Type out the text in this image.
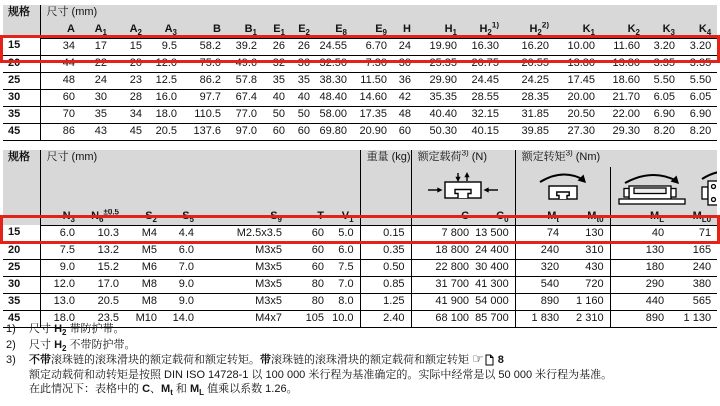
规格	尺寸 (mm)																	
	A	$A_1$	$A_2$	$A_3$	B	$B_1$	$E_1$	$E_2$	$E_8$	$E_9$	H	$H_1$	$H_2^{1)}$	$H_2^{2)}$	$K_1$	$K_2$	$K_3$	$K_4$
15	34	17	15	9.5	58.2	39.2	26	26	24.55	6.70	24	19.90	16.30	16.20	10.00	11.60	3.20	3.20
20	44	22	20	12.0	75.0	49.6	32	36	32.50	7.30	30	25.35	20.75	20.55	13.80	13.80	3.35	3.35
25	48	24	23	12.5	86.2	57.8	35	35	38.30	11.50	36	29.90	24.45	24.25	17.45	18.60	5.50	5.50
30	60	30	28	16.0	97.7	67.4	40	40	48.40	14.60	42	35.35	28.55	28.35	20.00	21.70	6.05	6.05
35	70	35	34	18.0	110.5	77.0	50	50	58.00	17.35	48	40.40	32.15	31.85	20.50	22.00	6.90	6.90
45	86	43	45	20.5	137.6	97.0	60	60	69.80	20.90	60	50.30	40.15	39.85	27.30	29.30	8.20	8.20
规格	尺寸 (mm)							重量 (kg)	额定载荷$^{3)}$ (N)		额定转矩$^{3)}$ (Nm)			

	$N_3$	$N_6^{\pm 0.5}$	$S_2$	$S_5$	$S_9$	T	$V_1$		C	$C_0$	$M_t$	$M_{t0}$	$M_L$	$M_{L0}$
15	6.0	10.3	M4	4.4	M2.5x3.5	60	5.0	0.15	7 800	13 500	74	130	40	71
20	7.5	13.2	M5	6.0	M3x5	60	6.0	0.35	18 800	24 400	240	310	130	165
25	9.0	15.2	M6	7.0	M3x5	60	7.5	0.50	22 800	30 400	320	430	180	240
30	12.0	17.0	M8	9.0	M3x5	80	7.0	0.85	31 700	41 300	540	720	290	380
35	13.0	20.5	M8	9.0	M3x5	80	8.0	1.25	41 900	54 000	890	1 160	440	565
45	18.0	23.5	M10	14.0	M4x7	105	10.0	2.40	68 100	85 700	1 830	2 310	890	1 130
1)	尺寸 $H_2$ 带防护带。
2)	尺寸 $H_2$ 不带防护带。
3)	不带滚珠链的滚珠滑块的额定载荷和额定转矩。带滚珠链的滚珠滑块的额定载荷和额定转矩 ☞ 8
额定动载荷和动转矩是按照 DIN ISO 14728-1 以 100 000 米行程为基准确定的。实际中经常是以 50 000 米行程为基准。
在此情况下：表格中的 C、$M_t$ 和 $M_L$ 值乘以系数 1.26。
